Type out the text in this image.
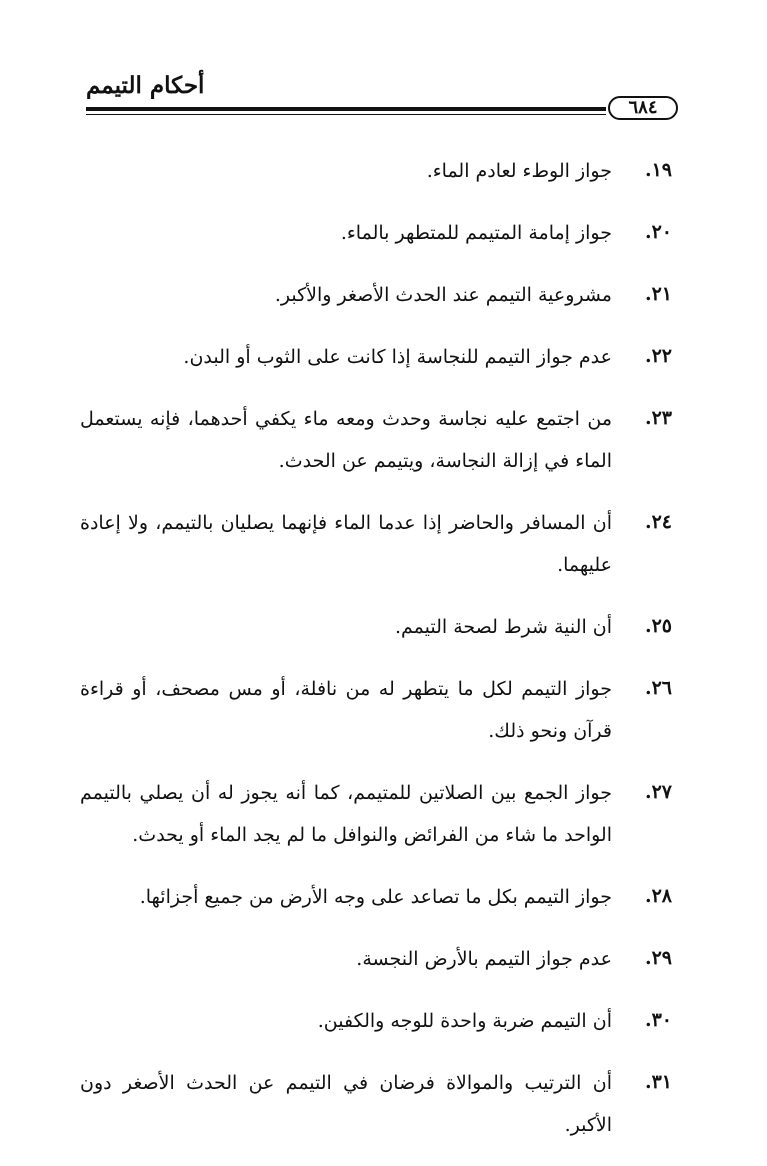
أحكام التيمم
٦٨٤
١٩.
جواز الوطء لعادم الماء.
٢٠.
جواز إمامة المتيمم للمتطهر بالماء.
٢١.
مشروعية التيمم عند الحدث الأصغر والأكبر.
٢٢.
عدم جواز التيمم للنجاسة إذا كانت على الثوب أو البدن.
٢٣.
من اجتمع عليه نجاسة وحدث ومعه ماء يكفي أحدهما، فإنه يستعمل الماء في إزالة النجاسة، ويتيمم عن الحدث.
٢٤.
أن المسافر والحاضر إذا عدما الماء فإنهما يصليان بالتيمم، ولا إعادة عليهما.
٢٥.
أن النية شرط لصحة التيمم.
٢٦.
جواز التيمم لكل ما يتطهر له من نافلة، أو مس مصحف، أو قراءة قرآن ونحو ذلك.
٢٧.
جواز الجمع بين الصلاتين للمتيمم، كما أنه يجوز له أن يصلي بالتيمم الواحد ما شاء من الفرائض والنوافل ما لم يجد الماء أو يحدث.
٢٨.
جواز التيمم بكل ما تصاعد على وجه الأرض من جميع أجزائها.
٢٩.
عدم جواز التيمم بالأرض النجسة.
٣٠.
أن التيمم ضربة واحدة للوجه والكفين.
٣١.
أن الترتيب والموالاة فرضان في التيمم عن الحدث الأصغر دون الأكبر.
